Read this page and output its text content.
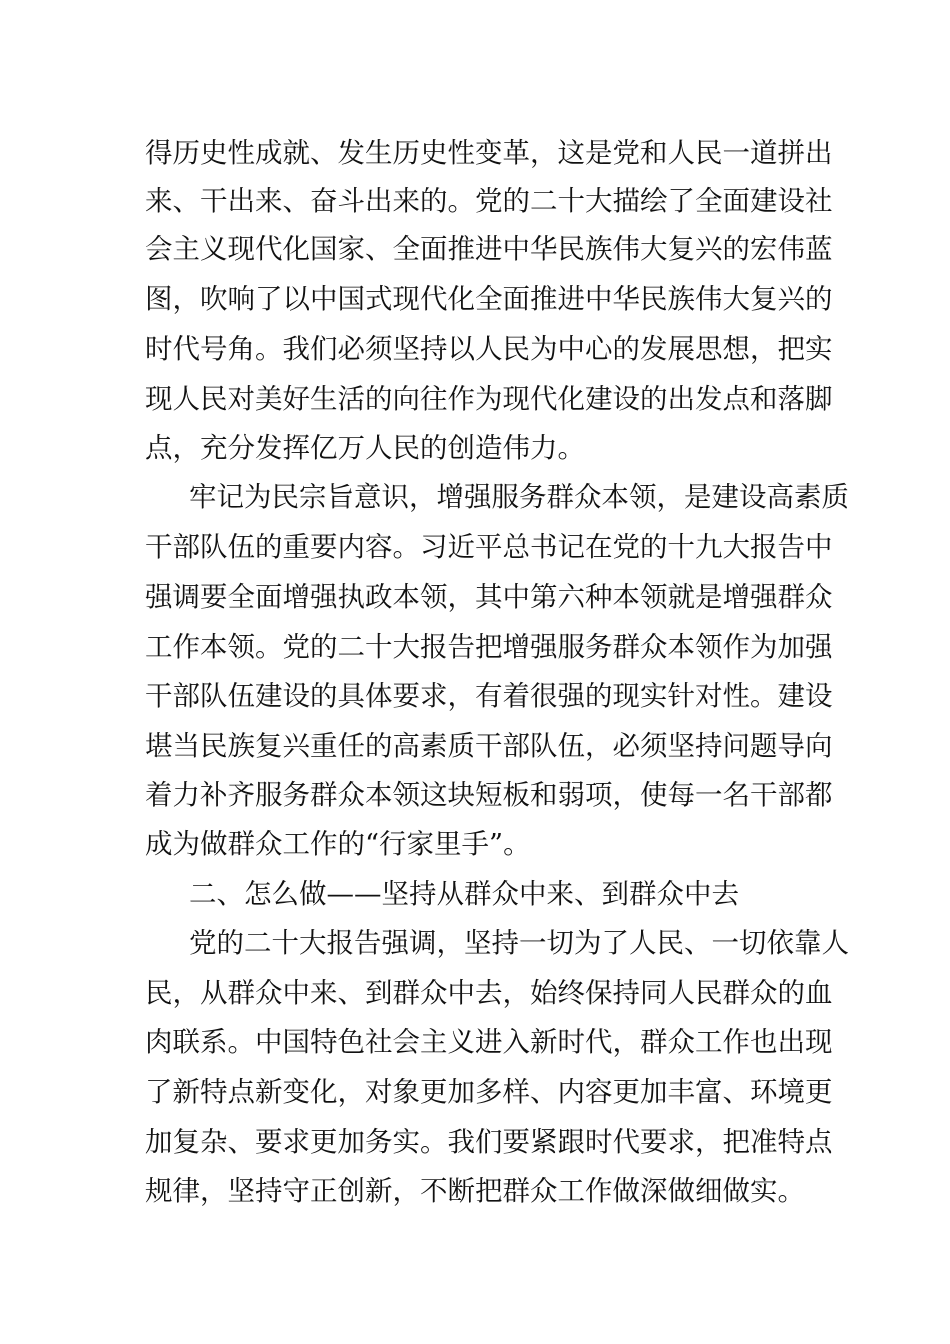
得历史性成就、发生历史性变革，这是党和人民一道拼出
来、干出来、奋斗出来的。党的二十大描绘了全面建设社
会主义现代化国家、全面推进中华民族伟大复兴的宏伟蓝
图，吹响了以中国式现代化全面推进中华民族伟大复兴的
时代号角。我们必须坚持以人民为中心的发展思想，把实
现人民对美好生活的向往作为现代化建设的出发点和落脚
点，充分发挥亿万人民的创造伟力。
牢记为民宗旨意识，增强服务群众本领，是建设高素质
干部队伍的重要内容。习近平总书记在党的十九大报告中
强调要全面增强执政本领，其中第六种本领就是增强群众
工作本领。党的二十大报告把增强服务群众本领作为加强
干部队伍建设的具体要求，有着很强的现实针对性。建设
堪当民族复兴重任的高素质干部队伍，必须坚持问题导向
着力补齐服务群众本领这块短板和弱项，使每一名干部都
成为做群众工作的“行家里手”。
二、怎么做——坚持从群众中来、到群众中去
党的二十大报告强调，坚持一切为了人民、一切依靠人
民，从群众中来、到群众中去，始终保持同人民群众的血
肉联系。中国特色社会主义进入新时代，群众工作也出现
了新特点新变化，对象更加多样、内容更加丰富、环境更
加复杂、要求更加务实。我们要紧跟时代要求，把准特点
规律，坚持守正创新，不断把群众工作做深做细做实。
